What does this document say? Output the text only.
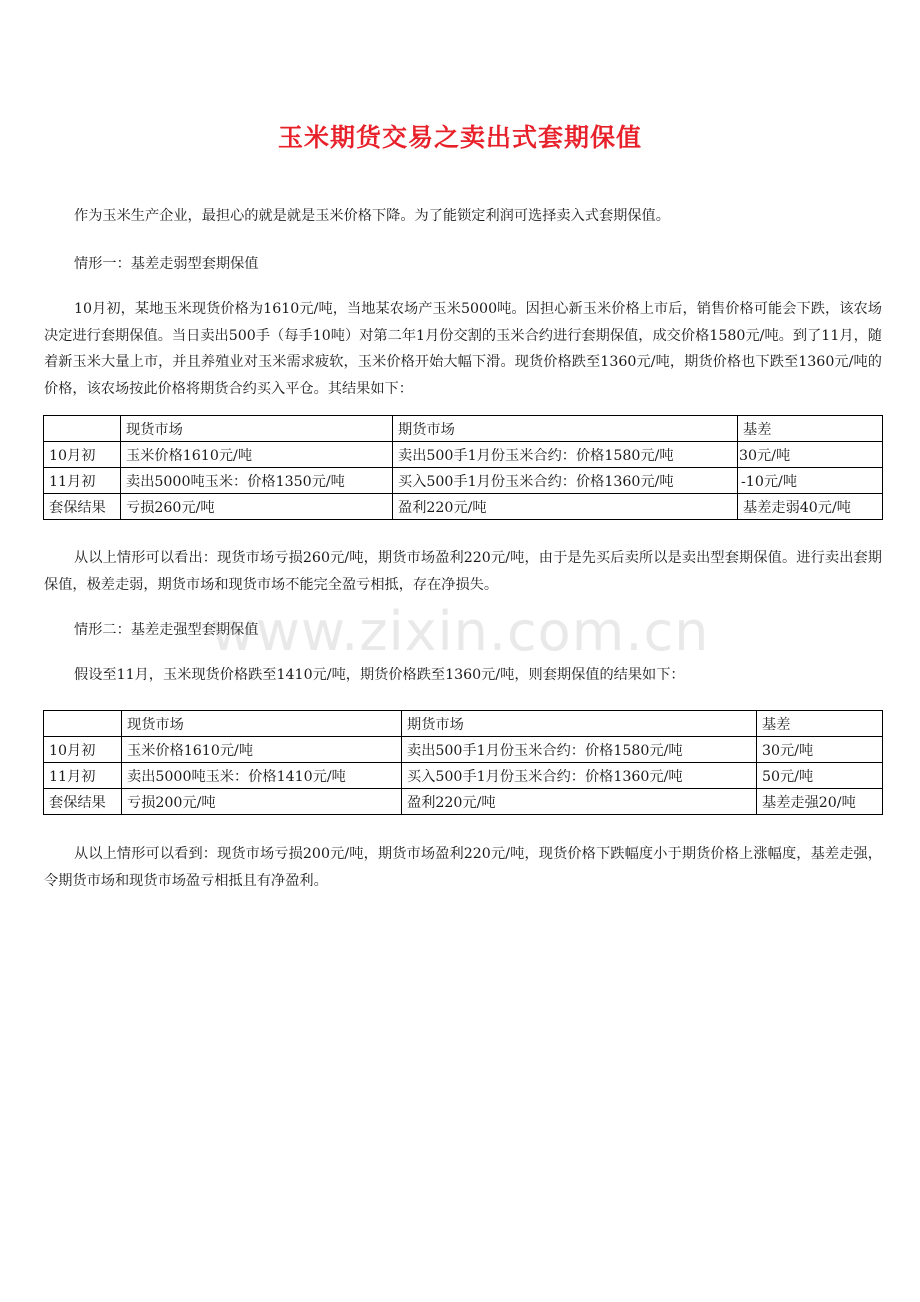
玉米期货交易之卖出式套期保值

作为玉米生产企业，最担心的就是就是玉米价格下降。为了能锁定利润可选择卖入式套期保值。

情形一：基差走弱型套期保值

10月初，某地玉米现货价格为1610元/吨，当地某农场产玉米5000吨。因担心新玉米价格上市后，销售价格可能会下跌，该农场决定进行套期保值。当日卖出500手（每手10吨）对第二年1月份交割的玉米合约进行套期保值，成交价格1580元/吨。到了11月，随着新玉米大量上市，并且养殖业对玉米需求疲软，玉米价格开始大幅下滑。现货价格跌至1360元/吨，期货价格也下跌至1360元/吨的价格，该农场按此价格将期货合约买入平仓。其结果如下：

	现货市场	期货市场	基差
10月初	玉米价格1610元/吨	卖出500手1月份玉米合约：价格1580元/吨	30元/吨
11月初	卖出5000吨玉米：价格1350元/吨	买入500手1月份玉米合约：价格1360元/吨	-10元/吨
套保结果	亏损260元/吨	盈利220元/吨	基差走弱40元/吨

从以上情形可以看出：现货市场亏损260元/吨，期货市场盈利220元/吨，由于是先买后卖所以是卖出型套期保值。进行卖出套期保值，极差走弱，期货市场和现货市场不能完全盈亏相抵，存在净损失。

情形二：基差走强型套期保值

假设至11月，玉米现货价格跌至1410元/吨，期货价格跌至1360元/吨，则套期保值的结果如下：

	现货市场	期货市场	基差
10月初	玉米价格1610元/吨	卖出500手1月份玉米合约：价格1580元/吨	30元/吨
11月初	卖出5000吨玉米：价格1410元/吨	买入500手1月份玉米合约：价格1360元/吨	50元/吨
套保结果	亏损200元/吨	盈利220元/吨	基差走强20/吨

从以上情形可以看到：现货市场亏损200元/吨，期货市场盈利220元/吨，现货价格下跌幅度小于期货价格上涨幅度，基差走强，令期货市场和现货市场盈亏相抵且有净盈利。

www.zixin.com.cn
